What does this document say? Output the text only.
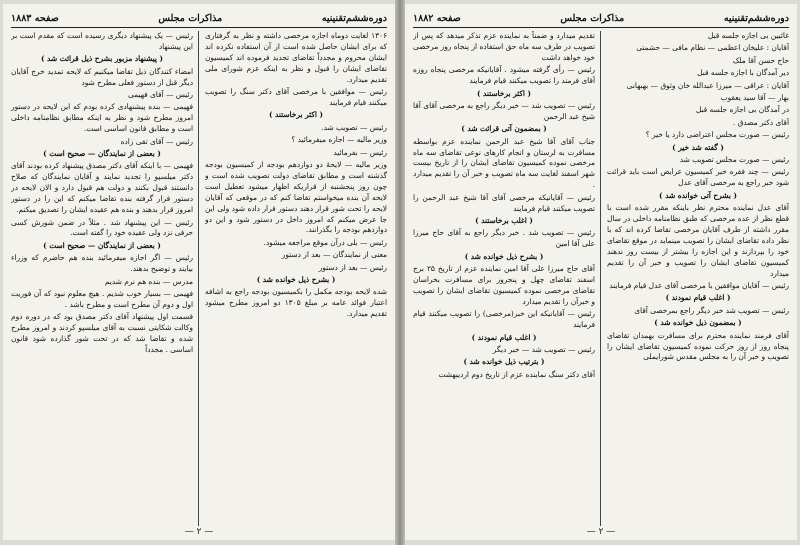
دوره‌ششم‌تقنینیه
مذاکرات مجلس
صفحه ۱۸۸۳

۱۳۰۶ لغایت دوماه اجازه مرخصی داشته و نظر به گرفتاری که برای ایشان حاصل شده است از آن استفاده نکرده اند ایشان محروم و مجدداً تقاضای تجدید فرموده اند کمیسیون تقاضای ایشان را قبول و نظر به اینکه عزم شورای ملی تقدیم میدارد.

رئیس — موافقین با مرخصی آقای دکتر سنگ را تصویب میکنند قیام فرمایند

( اکثر برخاستند )

رئیس — تصویب شد.

وزیر مالیه — اجازه میفرمائید ؟

رئیس — بفرمائید

وزیر مالیه — لایحهٔ دو دوازدهم بودجه از کمیسیون بودجه گذشته است و مطابق تقاضای دولت تصویب شده است و چون روز پنجشنبه از قراریکه اظهار میشود تعطیل است لایحه آن بنده میخواستم تقاضا کنم که در موقعی که آقایان لایحه را تحت شور قرار دهند دستور قرار داده شود ولی این جا عرض میکنم که امروز داخل در دستور شود و این دو دوازدهم بودجه را بگذرانند.

رئیس — بلی درآن موقع مراجعه میشود.

معنی از نمایندگان — بعد از دستور

رئیس — بعد از دستور

( بشرح ذیل خوانده شد )

شده لایحه بودجه مکمل را بکمیسیون بودجه راجع به اشافه اعتبار فوائد عامه بر مبلغ ۱۳۰۵ دو امروز مطرح میشود تقدیم میدارد.

رئیس — یک پیشنهاد دیگری رسیده است که مقدم است بر این پیشنهاد

( پیشنهاد مزبور بشرح ذیل قرائت شد )

امضاء کنندگان ذیل تقاضا میکنیم که لایحه تمدید خرج آقایان دیگر قبل از دستور فعلی مطرح شود

رئیس — آقای فهیمی

فهیمی — بنده پیشنهادی کرده بودم که این لایحه در دستور امروز مطرح شود و نظر به اینکه مطابق نظامنامه داخلی است و مطابق قانون اساسی است.

رئیس — آقای تقی زاده

( بعضی از نمایندگان — صحیح است )

فهیمی — با اینکه آقای دکتر مصدق پیشنهاد کرده بودند آقای دکتر میلسپو را تجدید نمایند و آقایان نمایندگان که صلاح دانستند قبول بکنند و دولت هم قبول دارد و الان لایحه در دستور قرار گرفته بنده تقاضا میکنم که این را در دستور امروز قرار بدهند و بنده هم عقیده ایشان را تصدیق میکنم.

رئیس — این پیشنهاد شد . مثلاً در ضمن شورش کسی حرفی نزد ولی عقیده خود را گفته است.

( بعضی از نمایندگان — صحیح است )

رئیس — اگر اجازه میفرمائید بنده هم حاضرم که وزراء بیایند و توضیح بدهند.

مدرس — بنده هم نرم شدیم

فهیمی — بسیار خوب شدیم . هیچ معلوم نبود که آن فوریت اول و دوم آن مطرح است و مطرح باشد .

قسمت اول پیشنهاد آقای دکتر مصدق بود که در دوره دوم وکالت شکایتی نسبت به آقای میلسپو کردند و امروز مطرح شده و تقاضا شد که در تحت شور گذارده شود قانون اساسی . مجدداً

— ۲ —
دوره‌ششم‌تقنینیه
مذاکرات مجلس
صفحه ۱۸۸۲

غائبین بی اجازه جلسه قبل

آقایان : علیخان اعظمی — نظام مافی — حشمتی

حاج حسن آقا ملک

دیر آمدگان با اجازه جلسه قبل

آقایان : عراقی — میرزا عبدالله خان وثوق — بهبهانی

بهار — آقا سید یعقوب

در آمدگان بی اجازه جلسه قبل

آقای دکتر مصدق .

رئیس — صورت مجلس اعتراضی دارد یا خیر ؟

( گفته شد خیر )

رئیس — صورت مجلس تصویب شد

رئیس — چند فقره خبر کمیسیون عرایض است باید قرائت شود خبر راجع به مرخصی آقای عدل

( بشرح آتی خوانده شد )

آقای عدل نماینده محترم نظر باینکه مقرر شده است با قطع نظر از عده مرخصی که طبق نظامنامه داخلی در سال مقرر داشته از طرف آقایان مرخصی تقاضا کرده اند که با نظر داده تقاضای ایشان را تصویب مینماید در موقع تقاضای خود را بپردازند و این اجازه را بیشتر از بیست روز ندهند کمیسیون تقاضای ایشان را تصویب و خبر آن را تقدیم میدارد

رئیس — آقایان موافقین با مرخصی آقای عدل قیام فرمایند

( اغلب قیام نمودند )

رئیس — تصویب شد خبر دیگر راجع بمرخصی آقای

( بمضمون ذیل خوانده شد )

آقای فرمند نماینده محترم برای مسافرت بهمدان تقاضای پنجاه روز از روز حرکت نموده کمیسیون تقاضای ایشان را تصویب و خبر آن را به مجلس مقدس شورایملی

تقدیم میدارد و ضمناً به نماینده عزم تذکر میدهد که پس از تصویب در طرف سه ماه حق استفاده از پنجاه روز مرخصی خود خواهد داشت

رئیس — رأی گرفته میشود . آقایانیکه مرخصی پنجاه روزه آقای فرمند را تصویب میکنند قیام فرمایند

( اکثر برخاستند )

رئیس — تصویب شد — خبر دیگر راجع به مرخصی آقای آقا شیخ عبد الرحمن

( بمضمون آتی قرائت شد )

جناب آقای آقا شیخ عبد الرحمن نماینده عزم بواسطه مسافرت به لرستان و انجام کارهای نوعی تقاضای سه ماه مرخصی نموده کمیسیون تقاضای ایشان را از تاریخ بیست شهر اسفند لغایت سه ماه تصویب و خبر آن را تقدیم میدارد .

رئیس — آقایانیکه مرخصی آقای آقا شیخ عبد الرحمن را تصویب میکنند قیام فرمایند

( اغلب برخاستند )

رئیس — تصویب شد . خبر دیگر راجع به آقای حاج میرزا علی آقا امین

( بشرح ذیل خوانده شد )

آقای حاج میرزا علی آقا امین نماینده عزم از تاریخ ۲۵ برج اسفند تقاضای چهل و پنجروز برای مسافرت بخراسان تقاضای مرخصی نموده کمیسیون تقاضای ایشان را تصویب و خبرآن را تقدیم میدارد

رئیس — آقایانیکه این خبر(مرخصی) را تصویب میکنند قیام فرمایند

( اغلب قیام نمودند )

رئیس — تصویب شد — خبر دیگر

( بترتیب ذیل خوانده شد )

آقای دکتر سنگ نماینده عزم از تاریخ دوم اردیبهشت

— ۲ —
